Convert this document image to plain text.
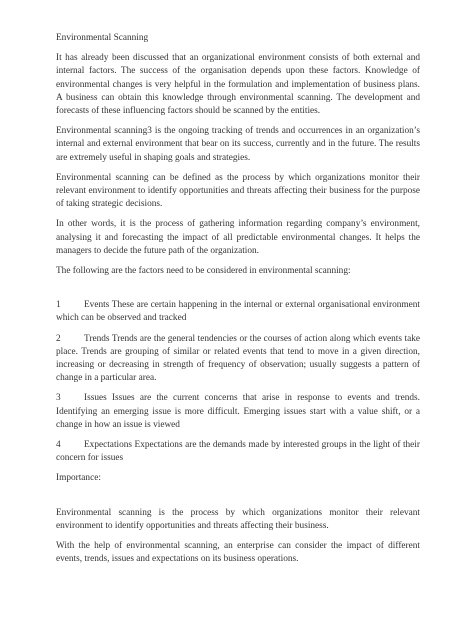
Environmental Scanning

It has already been discussed that an organizational environment consists of both external and internal factors. The success of the organisation depends upon these factors. Knowledge of environmental changes is very helpful in the formulation and implementation of business plans. A business can obtain this knowledge through environmental scanning. The development and forecasts of these influencing factors should be scanned by the entities.

Environmental scanning3 is the ongoing tracking of trends and occurrences in an organization’s internal and external environment that bear on its success, currently and in the future. The results are extremely useful in shaping goals and strategies.

Environmental scanning can be defined as the process by which organizations monitor their relevant environment to identify opportunities and threats affecting their business for the purpose of taking strategic decisions.

In other words, it is the process of gathering information regarding company’s environment, analysing it and forecasting the impact of all predictable environmental changes. It helps the managers to decide the future path of the organization.

The following are the factors need to be considered in environmental scanning:

1	Events These are certain happening in the internal or external organisational environment which can be observed and tracked
2	Trends Trends are the general tendencies or the courses of action along which events take place. Trends are grouping of similar or related events that tend to move in a given direction, increasing or decreasing in strength of frequency of observation; usually suggests a pattern of change in a particular area.
3	Issues Issues are the current concerns that arise in response to events and trends. Identifying an emerging issue is more difficult. Emerging issues start with a value shift, or a change in how an issue is viewed
4	Expectations Expectations are the demands made by interested groups in the light of their concern for issues

Importance:

Environmental scanning is the process by which organizations monitor their relevant environment to identify opportunities and threats affecting their business.

With the help of environmental scanning, an enterprise can consider the impact of different events, trends, issues and expectations on its business operations.
